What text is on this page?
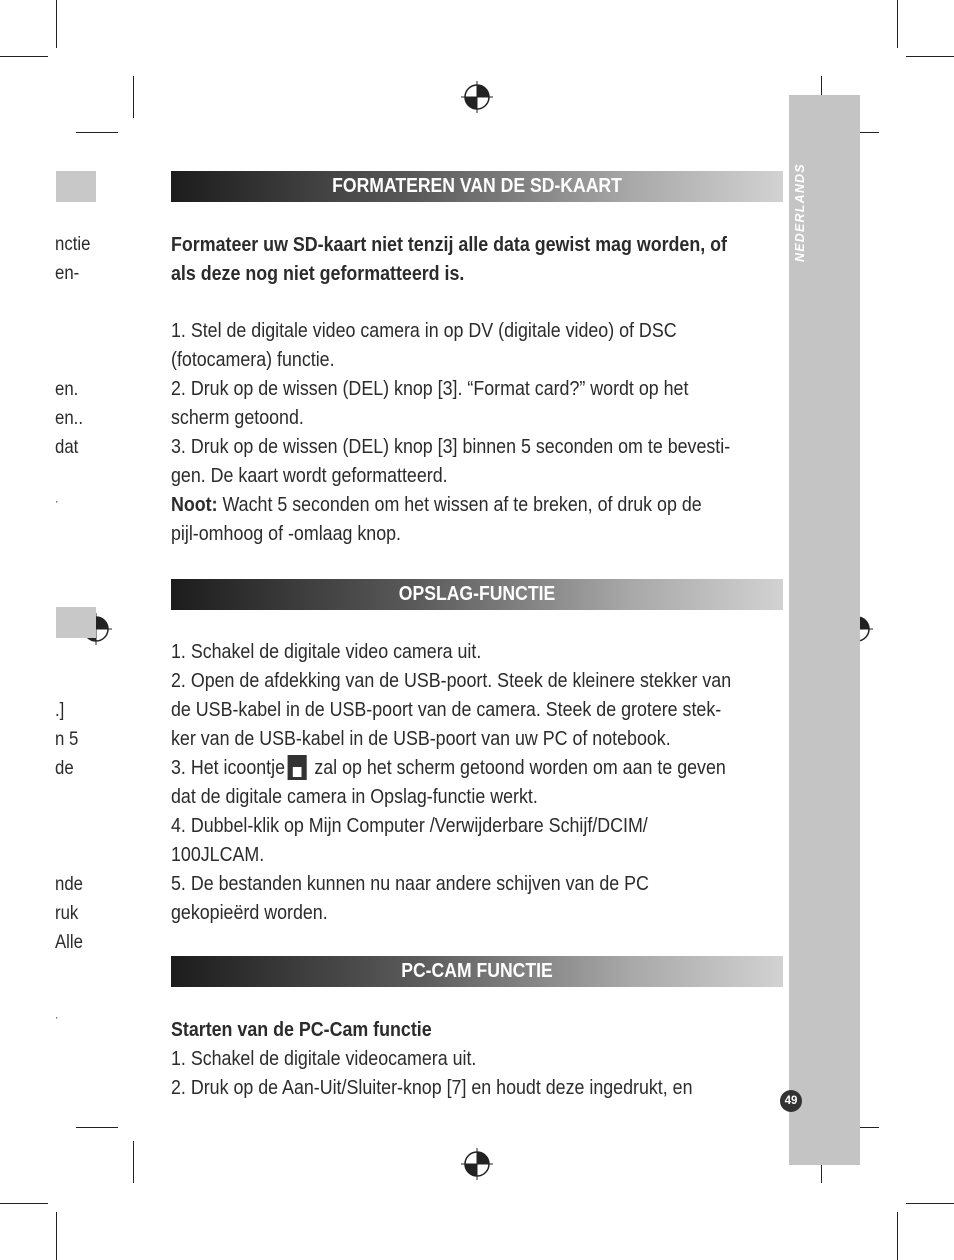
NEDERLANDS
49
nctie
en-
en.
en..
dat
·
.]
n 5
de
nde
ruk
Alle
·
FORMATEREN VAN DE SD-KAART

Formateer uw SD-kaart niet tenzij alle data gewist mag worden, of

als deze nog niet geformatteerd is.

1. Stel de digitale video camera in op DV (digitale video) of DSC

(fotocamera) functie.

2. Druk op de wissen (DEL) knop [3]. “Format card?” wordt op het

scherm getoond.

3. Druk op de wissen (DEL) knop [3] binnen 5 seconden om te bevesti-

gen. De kaart wordt geformatteerd.

Noot: Wacht 5 seconden om het wissen af te breken, of druk op de

pijl-omhoog of -omlaag knop.

OPSLAG-FUNCTIE

1. Schakel de digitale video camera uit.

2. Open de afdekking van de USB-poort. Steek de kleinere stekker van

de USB-kabel in de USB-poort van de camera. Steek de grotere stek-

ker van de USB-kabel in de USB-poort van uw PC of notebook.

3. Het icoontje zal op het scherm getoond worden om aan te geven

dat de digitale camera in Opslag-functie werkt.

4. Dubbel-klik op Mijn Computer /Verwijderbare Schijf/DCIM/

100JLCAM.

5. De bestanden kunnen nu naar andere schijven van de PC

gekopieërd worden.

PC-CAM FUNCTIE

Starten van de PC-Cam functie

1. Schakel de digitale videocamera uit.

2. Druk op de Aan-Uit/Sluiter-knop [7] en houdt deze ingedrukt, en
